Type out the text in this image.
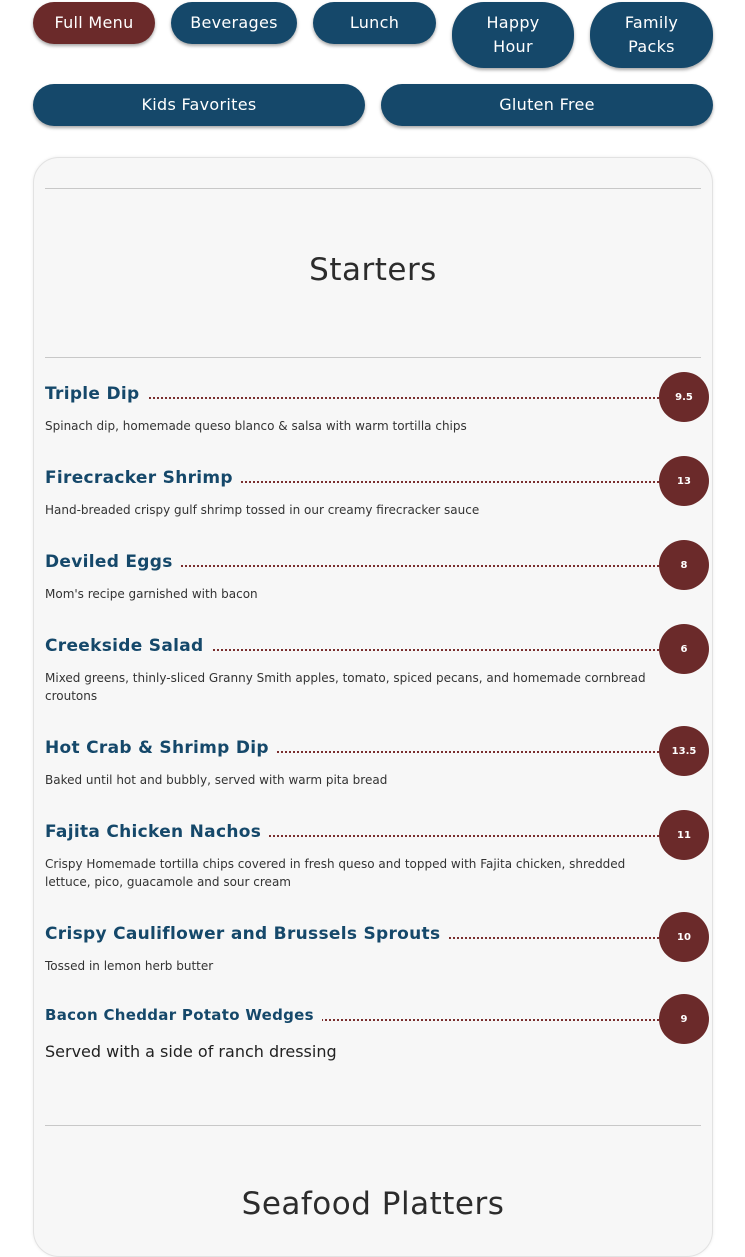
Full Menu	Beverages	Lunch	Happy Hour
Family Packs
Kids Favorites	Gluten Free
Starters
Triple Dip	9.5
Spinach dip, homemade queso blanco & salsa with warm tortilla chips
Firecracker Shrimp	13
Hand-breaded crispy gulf shrimp tossed in our creamy firecracker sauce
Deviled Eggs	8
Mom's recipe garnished with bacon
Creekside Salad	6
Mixed greens, thinly-sliced Granny Smith apples, tomato, spiced pecans, and homemade cornbread croutons
Hot Crab & Shrimp Dip	13.5
Baked until hot and bubbly, served with warm pita bread
Fajita Chicken Nachos	11
Crispy Homemade tortilla chips covered in fresh queso and topped with Fajita chicken, shredded lettuce, pico, guacamole and sour cream
Crispy Cauliflower and Brussels Sprouts	10
Tossed in lemon herb butter
Bacon Cheddar Potato Wedges	9
Served with a side of ranch dressing
Seafood Platters
